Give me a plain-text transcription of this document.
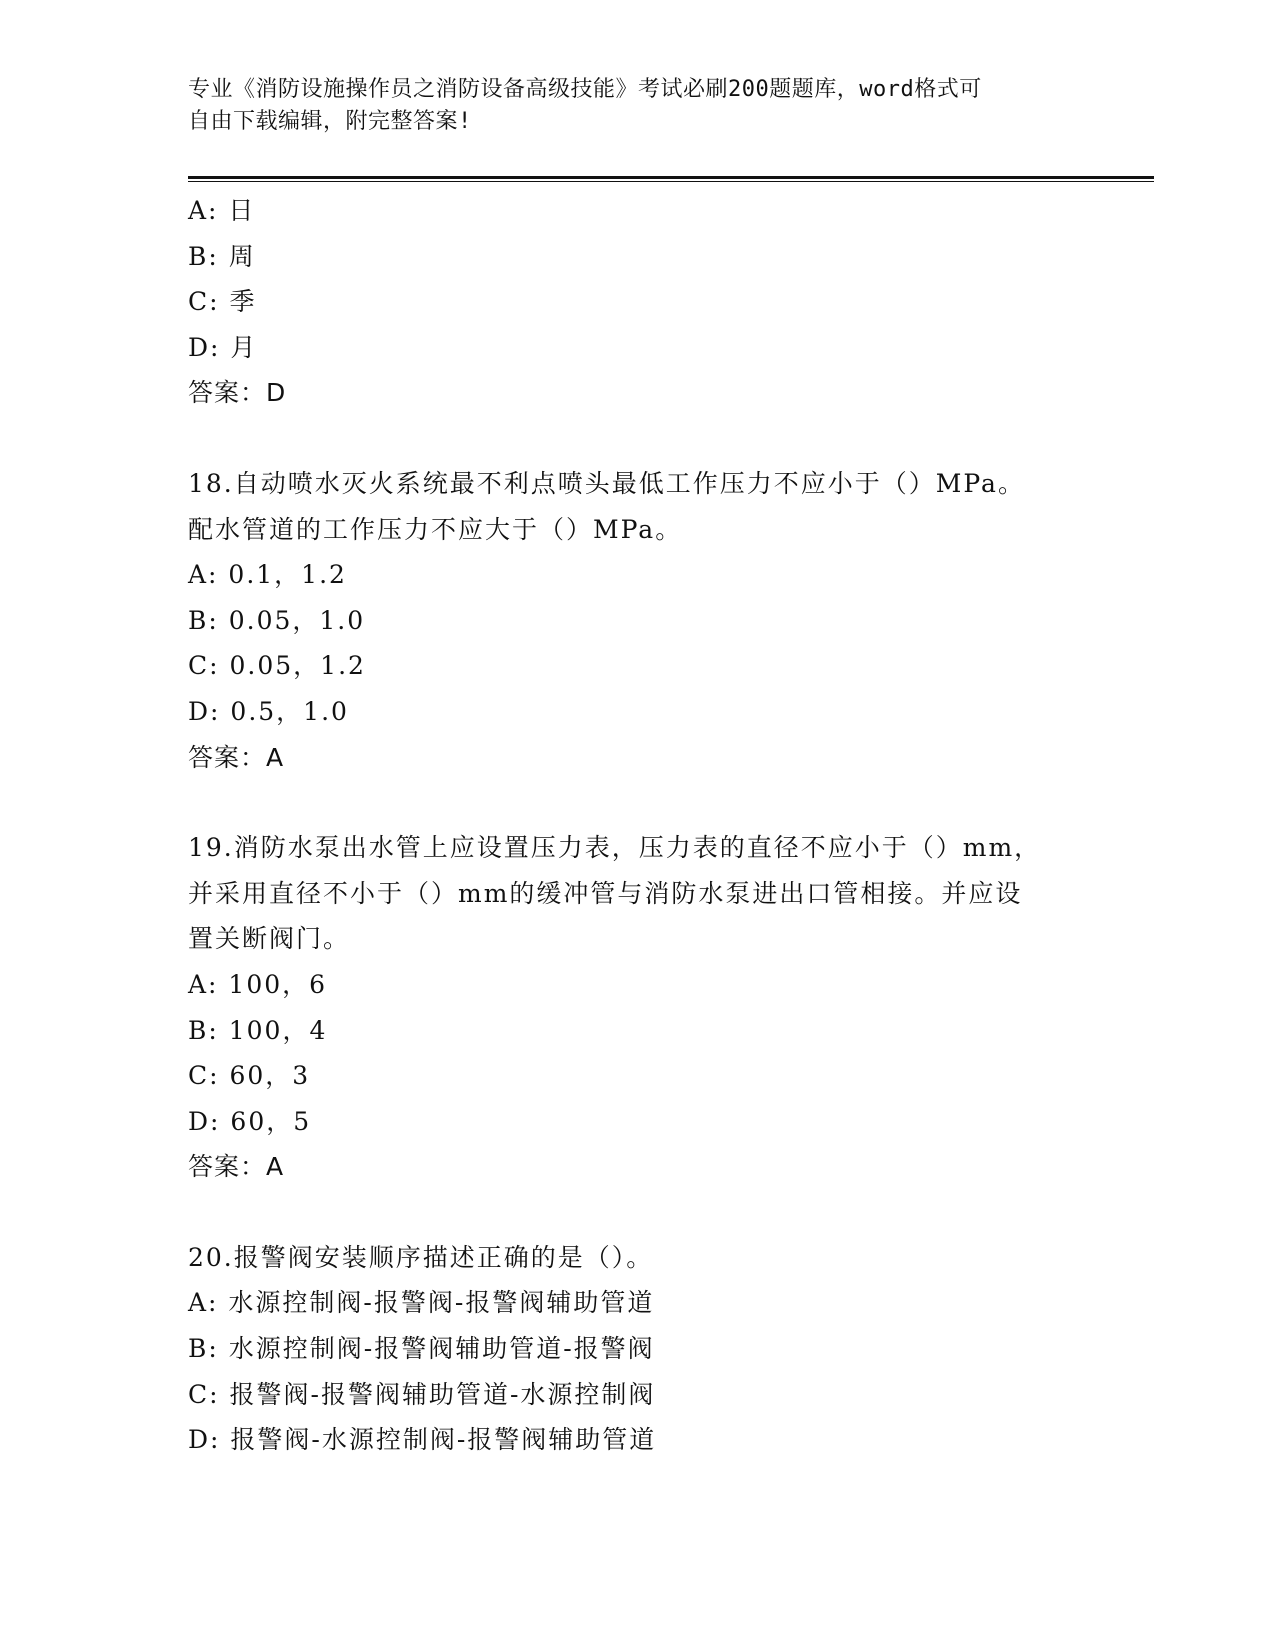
专业《消防设施操作员之消防设备高级技能》考试必刷200题题库，word格式可
自由下载编辑，附完整答案!
A: 日
B: 周
C: 季
D: 月
答案：D
18.自动喷水灭火系统最不利点喷头最低工作压力不应小于（）MPa。
配水管道的工作压力不应大于（）MPa。
A: 0.1，1.2
B: 0.05，1.0
C: 0.05，1.2
D: 0.5，1.0
答案：A
19.消防水泵出水管上应设置压力表，压力表的直径不应小于（）mm，
并采用直径不小于（）mm的缓冲管与消防水泵进出口管相接。并应设
置关断阀门。
A: 100，6
B: 100，4
C: 60，3
D: 60，5
答案：A
20.报警阀安装顺序描述正确的是（）。
A: 水源控制阀-报警阀-报警阀辅助管道
B: 水源控制阀-报警阀辅助管道-报警阀
C: 报警阀-报警阀辅助管道-水源控制阀
D: 报警阀-水源控制阀-报警阀辅助管道
